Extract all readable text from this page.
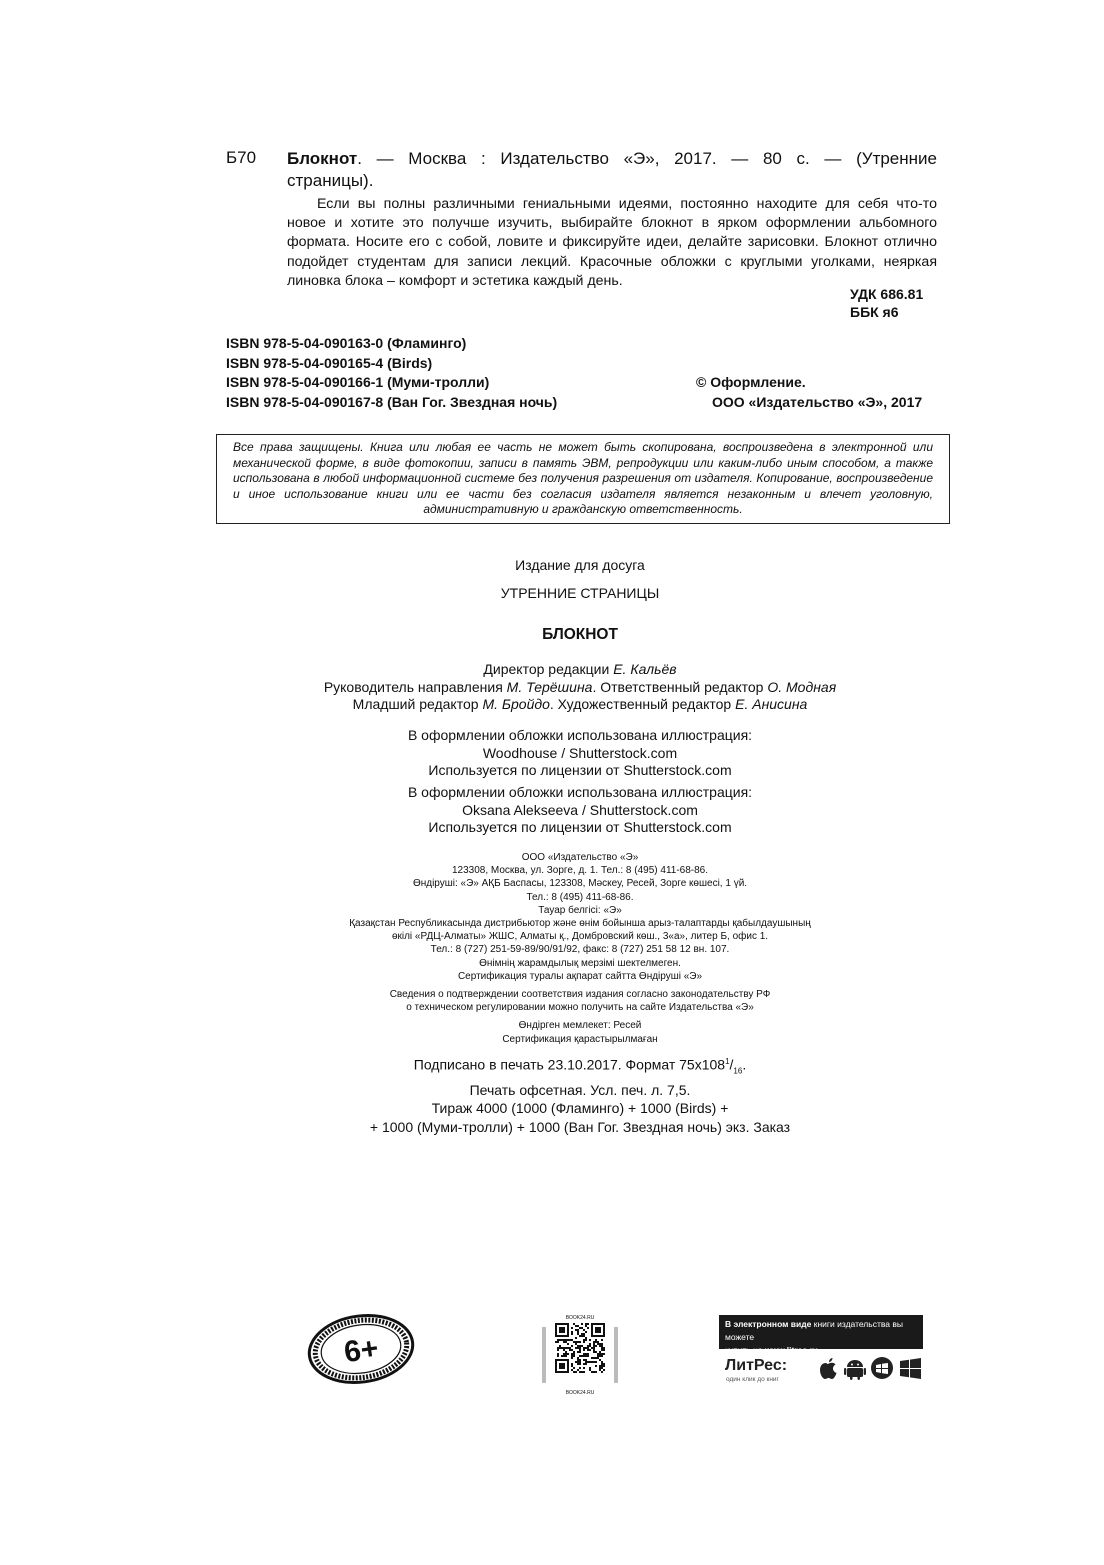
Б70 Блокнот. — Москва : Издательство «Э», 2017. — 80 с. — (Утренние
страницы).
Если вы полны различными гениальными идеями, постоянно находите для себя что-то новое и хотите это получше изучить, выбирайте блокнот в ярком оформлении альбомного формата. Носите его с собой, ловите и фиксируйте идеи, делайте зарисовки. Блокнот отлично подойдет студентам для записи лекций. Красочные обложки с круглыми уголками, неяркая линовка блока – комфорт и эстетика каждый день.
УДК 686.81
ББК я6
ISBN 978-5-04-090163-0 (Фламинго)
ISBN 978-5-04-090165-4 (Birds)
ISBN 978-5-04-090166-1 (Муми-тролли)
ISBN 978-5-04-090167-8 (Ван Гог. Звездная ночь)
© Оформление.
ООО «Издательство «Э», 2017
Все права защищены. Книга или любая ее часть не может быть скопирована, воспроизведена в электронной или механической форме, в виде фотокопии, записи в память ЭВМ, репродукции или каким-либо иным способом, а также использована в любой информационной системе без получения разрешения от издателя. Копирование, воспроизведение и иное использование книги или ее части без согласия издателя является незаконным и влечет уголовную, административную и гражданскую ответственность.
Издание для досуга
УТРЕННИЕ СТРАНИЦЫ
БЛОКНОТ
Директор редакции Е. Кальёв
Руководитель направления М. Терёшина. Ответственный редактор О. Модная
Младший редактор М. Бройдо. Художественный редактор Е. Анисина
В оформлении обложки использована иллюстрация:
Woodhouse / Shutterstock.com
Используется по лицензии от Shutterstock.com
В оформлении обложки использована иллюстрация:
Oksana Alekseeva / Shutterstock.com
Используется по лицензии от Shutterstock.com
ООО «Издательство «Э»
123308, Москва, ул. Зорге, д. 1. Тел.: 8 (495) 411-68-86.
Өндіруші: «Э» АҚБ Баспасы, 123308, Мәскеу, Ресей, Зорге көшесі, 1 үй.
Тел.: 8 (495) 411-68-86.
Тауар белгісі: «Э»
Қазақстан Республикасында дистрибьютор және өнім бойынша арыз-талаптарды қабылдаушының
өкілі «РДЦ-Алматы» ЖШС, Алматы қ., Домбровский көш., 3«а», литер Б, офис 1.
Тел.: 8 (727) 251-59-89/90/91/92, факс: 8 (727) 251 58 12 вн. 107.
Өнімнің жарамдылық мерзімі шектелмеген.
Сертификация туралы ақпарат сайтта Өндіруші «Э»
Сведения о подтверждении соответствия издания согласно законодательству РФ
о техническом регулировании можно получить на сайте Издательства «Э»
Өндірген мемлекет: Ресей
Сертификация қарастырылмаған
Подписано в печать 23.10.2017. Формат $75х108^1/_{16}$.
Печать офсетная. Усл. печ. л. 7,5.
Тираж 4000 (1000 (Фламинго) + 1000 (Birds) +
+ 1000 (Муми-тролли) + 1000 (Ван Гог. Звездная ночь) экз. Заказ
6+
BOOK24.RU
BOOK24.RU
В электронном виде книги издательства вы можете
купить на www.litres.ru
ЛитРес:
один клик до книг
